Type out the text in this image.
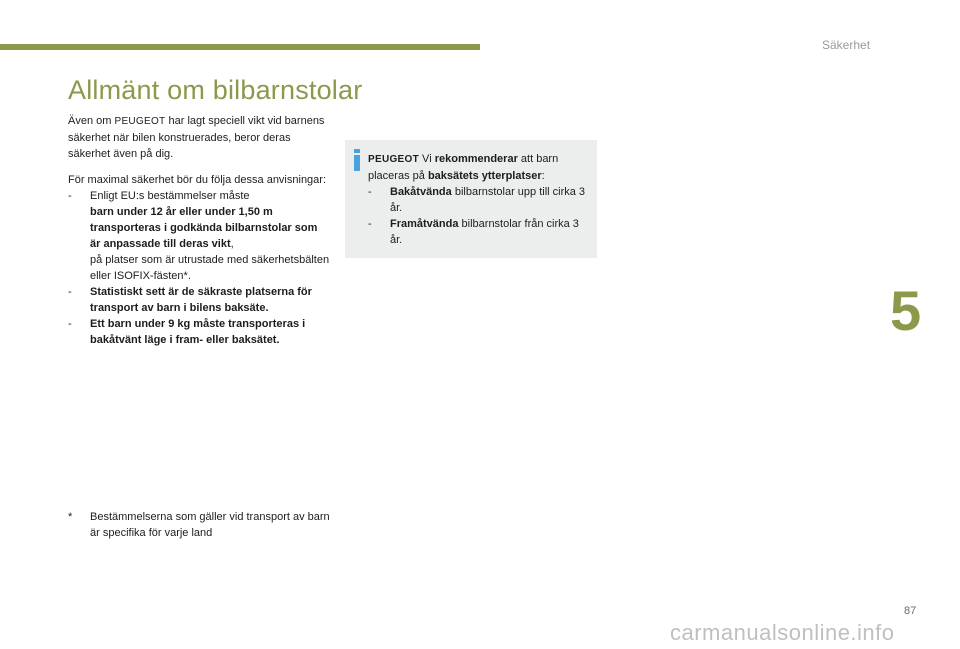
Säkerhet
5
Allmänt om bilbarnstolar

Även om PEUGEOT har lagt speciell vikt vid barnens säkerhet när bilen konstruerades, beror deras säkerhet även på dig.

För maximal säkerhet bör du följa dessa anvisningar:

- Enligt EU:s bestämmelser måste
barn under 12 år eller under 1,50 m transporteras i godkända bilbarnstolar som är anpassade till deras vikt,
på platser som är utrustade med säkerhetsbälten eller ISOFIX-fästen*.
- Statistiskt sett är de säkraste platserna för transport av barn i bilens baksäte.
- Ett barn under 9 kg måste transporteras i bakåtvänt läge i fram- eller baksätet.
*	Bestämmelserna som gäller vid transport av barn är specifika för varje land
PEUGEOT Vi rekommenderar att barn placeras på baksätets ytterplatser:
- Bakåtvända bilbarnstolar upp till cirka 3 år.
- Framåtvända bilbarnstolar från cirka 3 år.
87
carmanualsonline.info
